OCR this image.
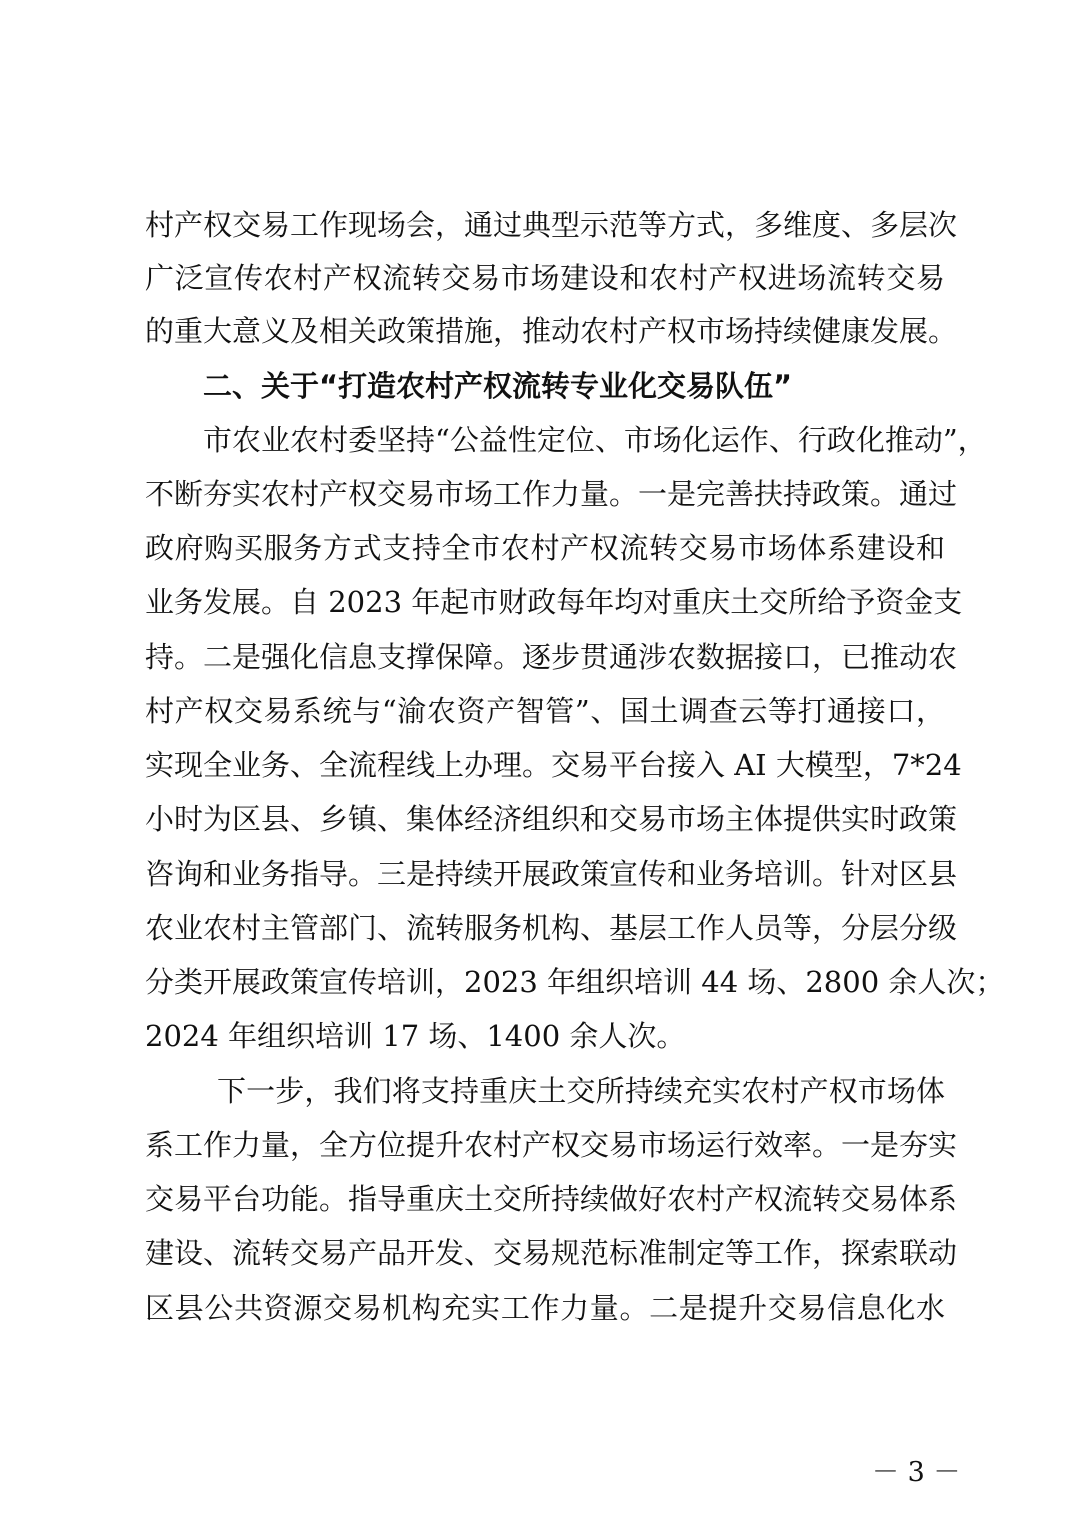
村产权交易工作现场会，通过典型示范等方式，多维度、多层次
广泛宣传农村产权流转交易市场建设和农村产权进场流转交易
的重大意义及相关政策措施，推动农村产权市场持续健康发展。
二、关于“打造农村产权流转专业化交易队伍”
市农业农村委坚持“公益性定位、市场化运作、行政化推动”，
不断夯实农村产权交易市场工作力量。一是完善扶持政策。通过
政府购买服务方式支持全市农村产权流转交易市场体系建设和
业务发展。自 2023 年起市财政每年均对重庆土交所给予资金支
持。二是强化信息支撑保障。逐步贯通涉农数据接口，已推动农
村产权交易系统与“渝农资产智管”、国土调查云等打通接口，
实现全业务、全流程线上办理。交易平台接入 AI 大模型，7*24
小时为区县、乡镇、集体经济组织和交易市场主体提供实时政策
咨询和业务指导。三是持续开展政策宣传和业务培训。针对区县
农业农村主管部门、流转服务机构、基层工作人员等，分层分级
分类开展政策宣传培训，2023 年组织培训 44 场、2800 余人次；
2024 年组织培训 17 场、1400 余人次。
下一步，我们将支持重庆土交所持续充实农村产权市场体
系工作力量，全方位提升农村产权交易市场运行效率。一是夯实
交易平台功能。指导重庆土交所持续做好农村产权流转交易体系
建设、流转交易产品开发、交易规范标准制定等工作，探索联动
区县公共资源交易机构充实工作力量。二是提升交易信息化水
－ 3 －
